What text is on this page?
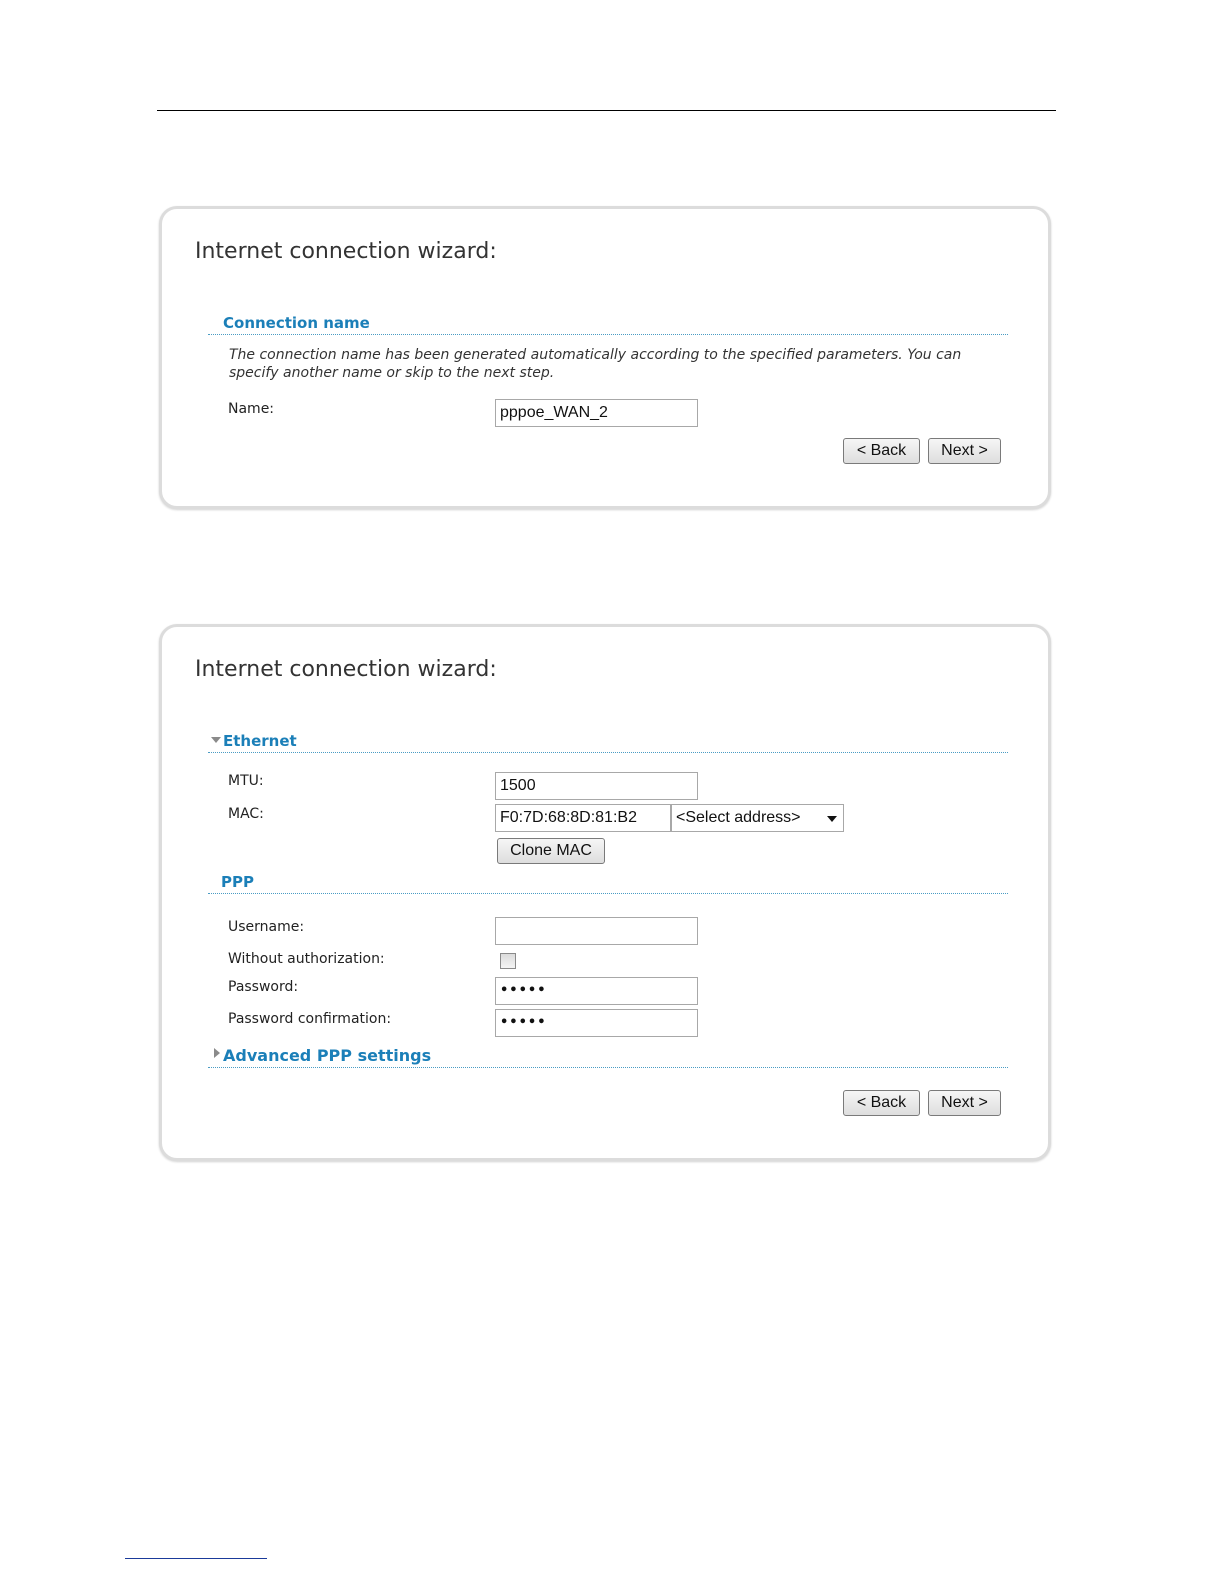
Internet connection wizard:
Connection name
The connection name has been generated automatically according to the specified parameters. You can specify another name or skip to the next step.
Name:	pppoe_WAN_2
< Back	Next >
Internet connection wizard:
Ethernet
MTU:	1500
MAC:	F0:7D:68:8D:81:B2	<Select address>
Clone MAC
PPP
Username:
Without authorization:
Password:	•••••
Password confirmation:	•••••
Advanced PPP settings
< Back	Next >
